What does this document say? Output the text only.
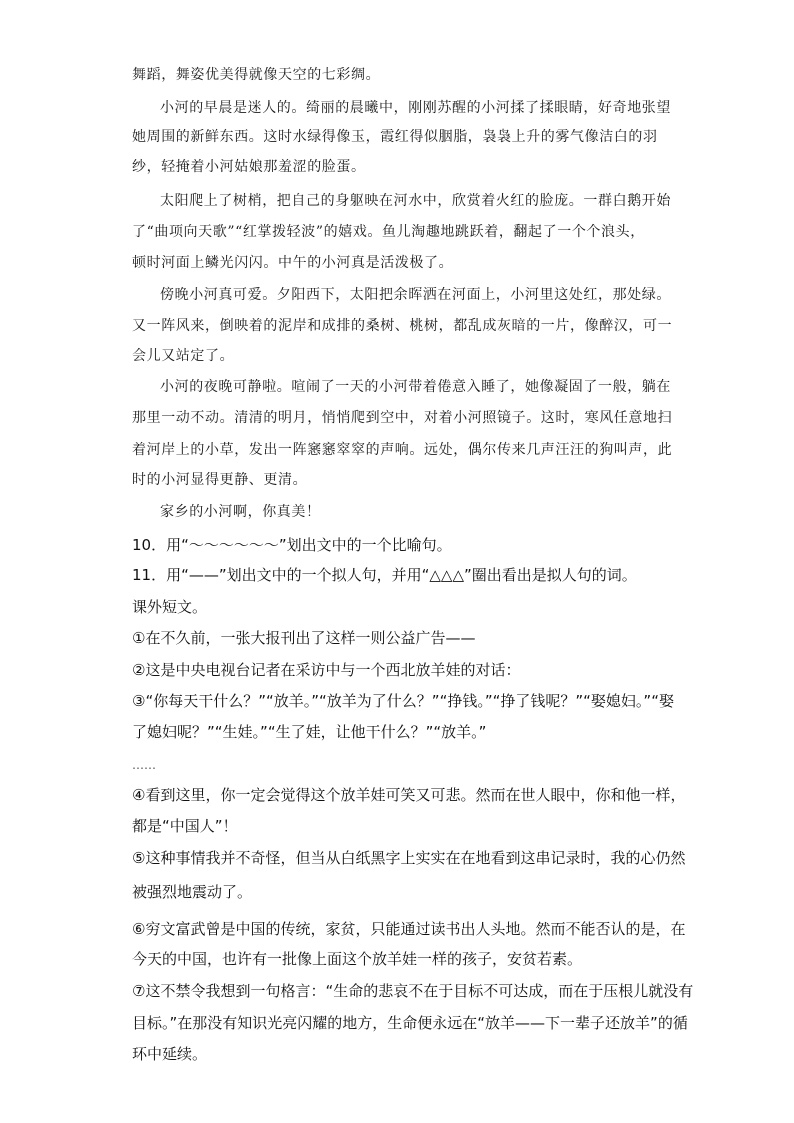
舞蹈，舞姿优美得就像天空的七彩绸。
小河的早晨是迷人的。绮丽的晨曦中，刚刚苏醒的小河揉了揉眼睛，好奇地张望
她周围的新鲜东西。这时水绿得像玉，霞红得似胭脂，袅袅上升的雾气像洁白的羽
纱，轻掩着小河姑娘那羞涩的脸蛋。
太阳爬上了树梢，把自己的身躯映在河水中，欣赏着火红的脸庞。一群白鹅开始
了“曲项向天歌”“红掌拨轻波”的嬉戏。鱼儿淘趣地跳跃着，翻起了一个个浪头，
顿时河面上鳞光闪闪。中午的小河真是活泼极了。
傍晚小河真可爱。夕阳西下，太阳把余晖洒在河面上，小河里这处红，那处绿。
又一阵风来，倒映着的泥岸和成排的桑树、桃树，都乱成灰暗的一片，像醉汉，可一
会儿又站定了。
小河的夜晚可静啦。喧闹了一天的小河带着倦意入睡了，她像凝固了一般，躺在
那里一动不动。清清的明月，悄悄爬到空中，对着小河照镜子。这时，寒风任意地扫
着河岸上的小草，发出一阵窸窸窣窣的声响。远处，偶尔传来几声汪汪的狗叫声，此
时的小河显得更静、更清。
家乡的小河啊，你真美！
10．用“～～～～～～”划出文中的一个比喻句。
11．用“——”划出文中的一个拟人句，并用“△△△”圈出看出是拟人句的词。
课外短文。
①在不久前，一张大报刊出了这样一则公益广告——
②这是中央电视台记者在采访中与一个西北放羊娃的对话：
③“你每天干什么？”“放羊。”“放羊为了什么？”“挣钱。”“挣了钱呢？”“娶媳妇。”“娶
了媳妇呢？”“生娃。”“生了娃，让他干什么？”“放羊。”
……
④看到这里，你一定会觉得这个放羊娃可笑又可悲。然而在世人眼中，你和他一样，
都是“中国人”！
⑤这种事情我并不奇怪，但当从白纸黑字上实实在在地看到这串记录时，我的心仍然
被强烈地震动了。
⑥穷文富武曾是中国的传统，家贫，只能通过读书出人头地。然而不能否认的是，在
今天的中国，也许有一批像上面这个放羊娃一样的孩子，安贫若素。
⑦这不禁令我想到一句格言：“生命的悲哀不在于目标不可达成，而在于压根儿就没有
目标。”在那没有知识光亮闪耀的地方，生命便永远在“放羊——下一辈子还放羊”的循
环中延续。
